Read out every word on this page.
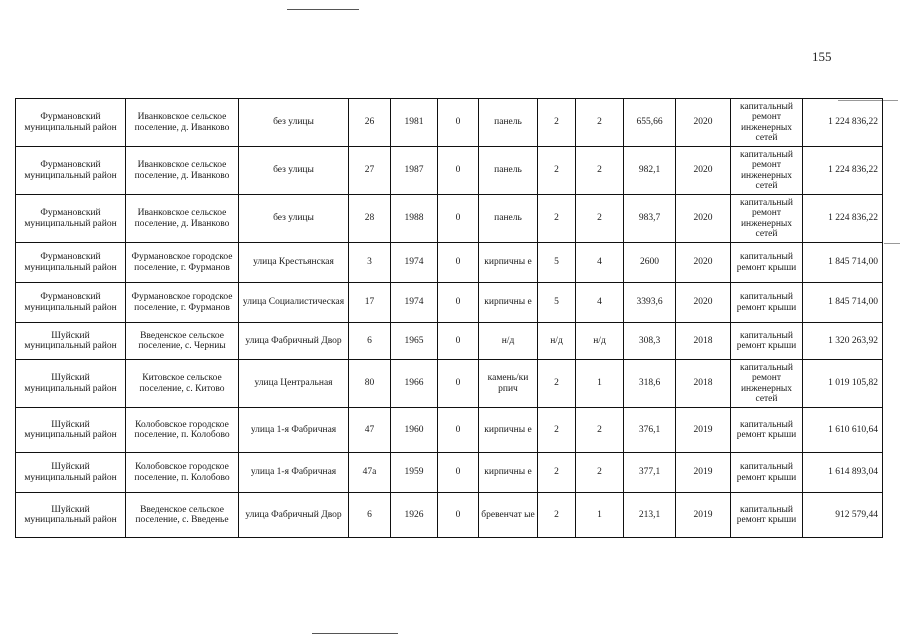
155
Фурмановский муниципальный район	Иванковское сельское поселение, д. Иванково	без улицы	26	1981	0	панель	2	2	655,66	2020	капитальный ремонт инженерных сетей	1 224 836,22
Фурмановский муниципальный район	Иванковское сельское поселение, д. Иванково	без улицы	27	1987	0	панель	2	2	982,1	2020	капитальный ремонт инженерных сетей	1 224 836,22
Фурмановский муниципальный район	Иванковское сельское поселение, д. Иванково	без улицы	28	1988	0	панель	2	2	983,7	2020	капитальный ремонт инженерных сетей	1 224 836,22
Фурмановский муниципальный район	Фурмановское городское поселение, г. Фурманов	улица Крестьянская	3	1974	0	кирпичны е	5	4	2600	2020	капитальный ремонт крыши	1 845 714,00
Фурмановский муниципальный район	Фурмановское городское поселение, г. Фурманов	улица Социалистическая	17	1974	0	кирпичны е	5	4	3393,6	2020	капитальный ремонт крыши	1 845 714,00
Шуйский муниципальный район	Введенское сельское поселение, с. Черниы	улица Фабричный Двор	6	1965	0	н/д	н/д	н/д	308,3	2018	капитальный ремонт крыши	1 320 263,92
Шуйский муниципальный район	Китовское сельское поселение, с. Китово	улица Центральная	80	1966	0	камень/ки рпич	2	1	318,6	2018	капитальный ремонт инженерных сетей	1 019 105,82
Шуйский муниципальный район	Колобовское городское поселение, п. Колобово	улица 1-я Фабричная	47	1960	0	кирпичны е	2	2	376,1	2019	капитальный ремонт крыши	1 610 610,64
Шуйский муниципальный район	Колобовское городское поселение, п. Колобово	улица 1-я Фабричная	47а	1959	0	кирпичны е	2	2	377,1	2019	капитальный ремонт крыши	1 614 893,04
Шуйский муниципальный район	Введенское сельское поселение, с. Введенье	улица Фабричный Двор	6	1926	0	бревенчат ые	2	1	213,1	2019	капитальный ремонт крыши	912 579,44
